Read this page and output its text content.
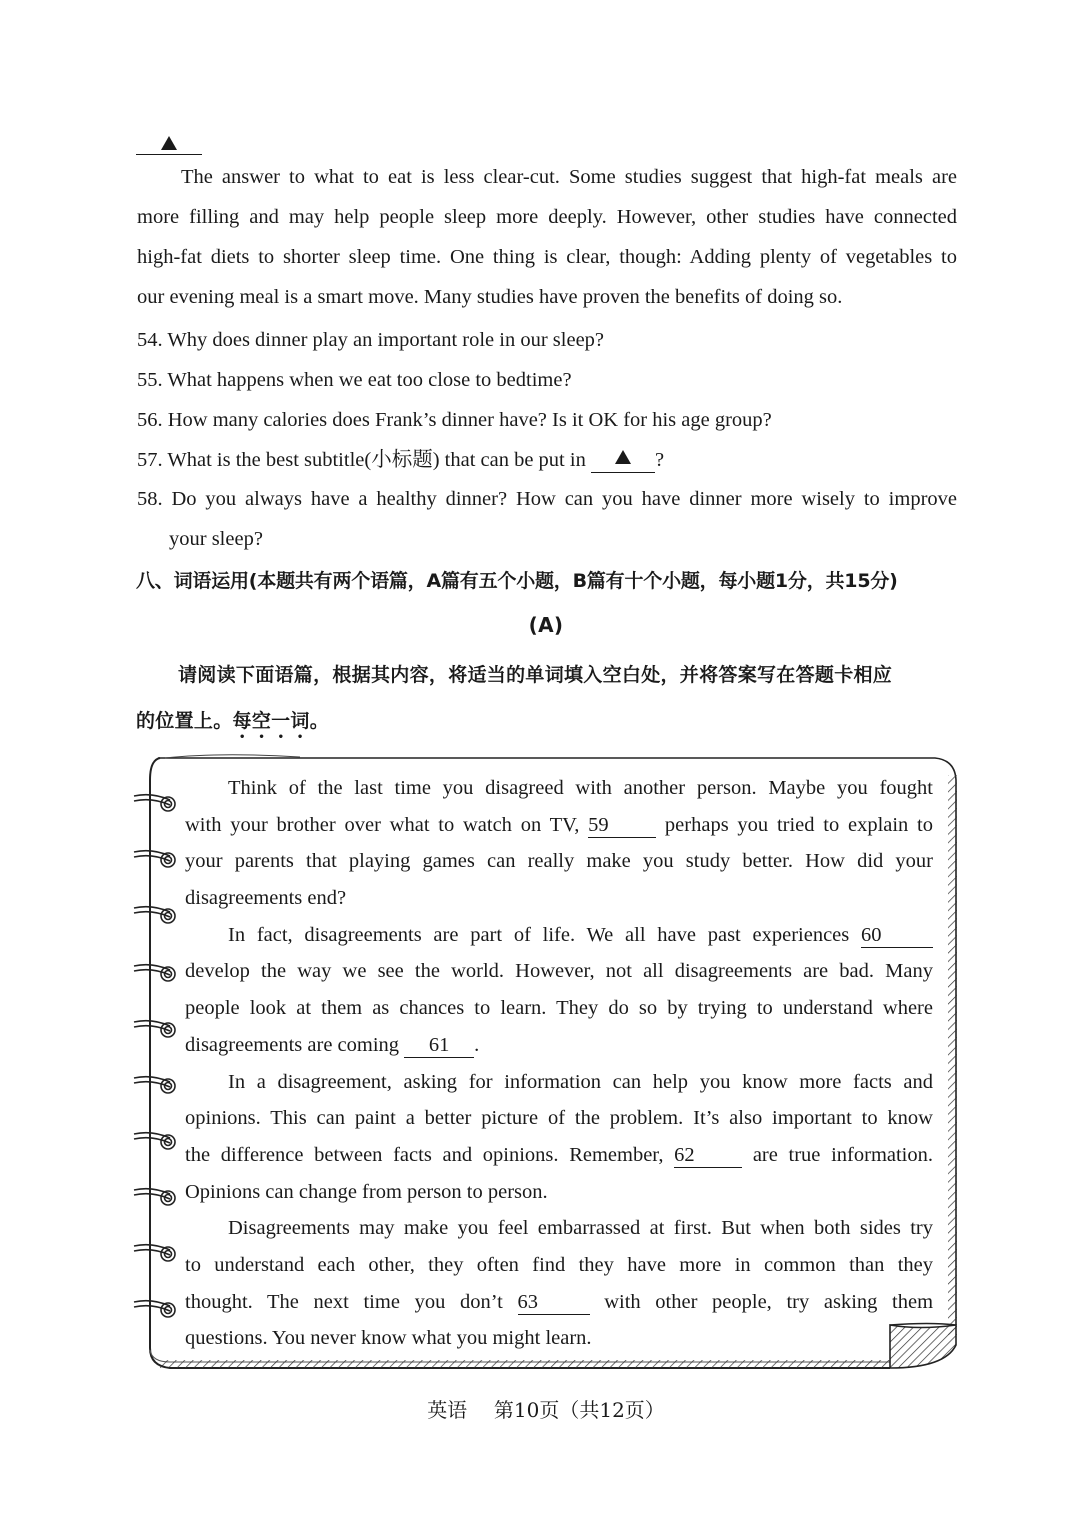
The answer to what to eat is less clear-cut. Some studies suggest that high-fat meals are
more filling and may help people sleep more deeply. However, other studies have connected
high-fat diets to shorter sleep time. One thing is clear, though: Adding plenty of vegetables to
our evening meal is a smart move. Many studies have proven the benefits of doing so.
54. Why does dinner play an important role in our sleep?
55. What happens when we eat too close to bedtime?
56. How many calories does Frank’s dinner have? Is it OK for his age group?
57. What is the best subtitle(小标题) that can be put in	?
58. Do you always have a healthy dinner? How can you have dinner more wisely to improve
your sleep?
八、词语运用(本题共有两个语篇，A篇有五个小题，B篇有十个小题，每小题1分，共15分)
(A)
请阅读下面语篇，根据其内容，将适当的单词填入空白处，并将答案写在答题卡相应
的位置上。每空一词。
Think of the last time you disagreed with another person. Maybe you fought
with your brother over what to watch on TV, 59	perhaps you tried to explain to
your parents that playing games can really make you study better. How did your
disagreements end?
In fact, disagreements are part of life. We all have past experiences 60
develop the way we see the world. However, not all disagreements are bad. Many
people look at them as chances to learn. They do so by trying to understand where
disagreements are coming 61 .
In a disagreement, asking for information can help you know more facts and
opinions. This can paint a better picture of the problem. It’s also important to know
the difference between facts and opinions. Remember, 62	are true information.
Opinions can change from person to person.
Disagreements may make you feel embarrassed at first. But when both sides try
to understand each other, they often find they have more in common than they
thought. The next time you don’t 63	with other people, try asking them
questions. You never know what you might learn.
英语 第10页（共12页）
